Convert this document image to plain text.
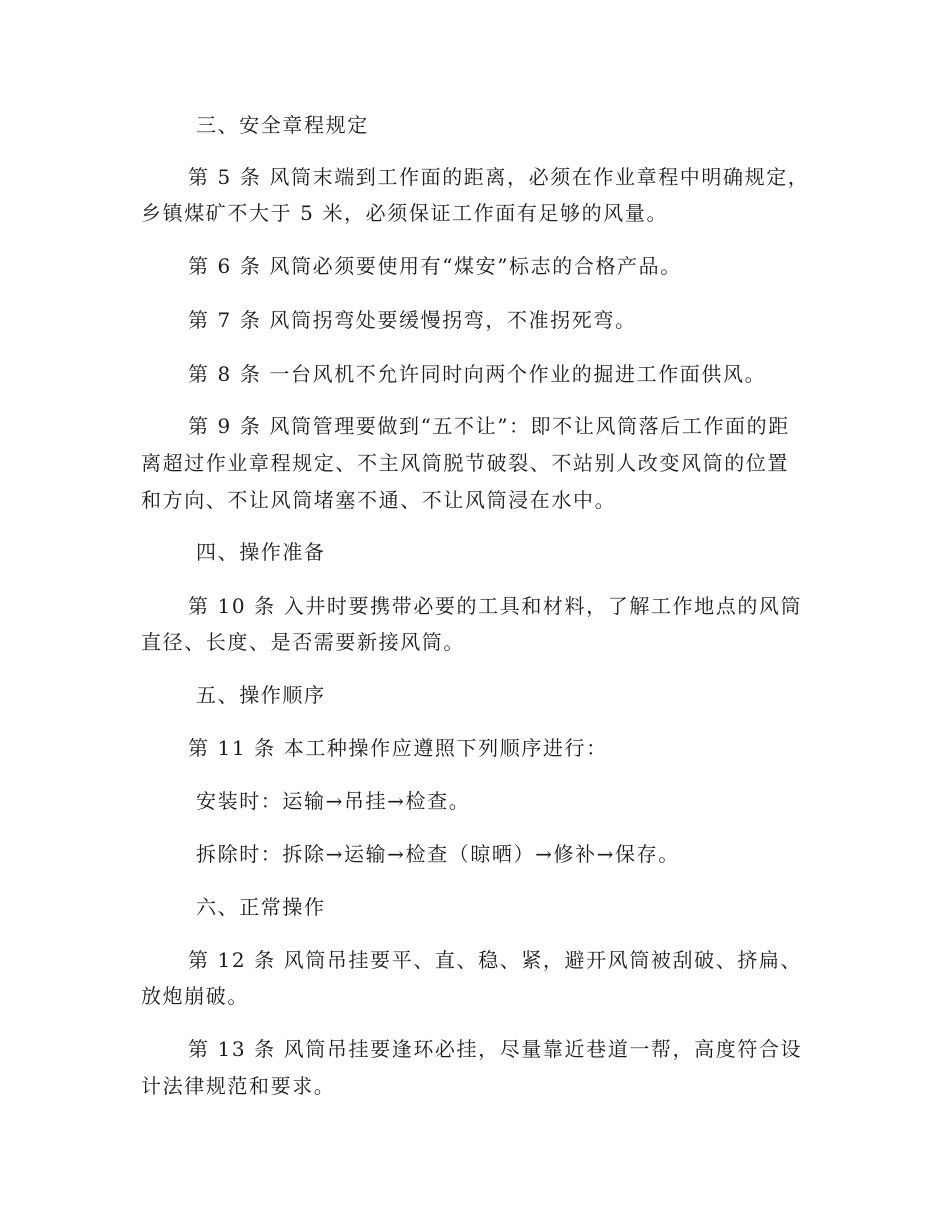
三、安全章程规定
第 5 条 风筒末端到工作面的距离，必须在作业章程中明确规定，
乡镇煤矿不大于 5 米，必须保证工作面有足够的风量。
第 6 条 风筒必须要使用有“煤安”标志的合格产品。
第 7 条 风筒拐弯处要缓慢拐弯，不准拐死弯。
第 8 条 一台风机不允许同时向两个作业的掘进工作面供风。
第 9 条 风筒管理要做到“五不让”：即不让风筒落后工作面的距
离超过作业章程规定、不主风筒脱节破裂、不站别人改变风筒的位置
和方向、不让风筒堵塞不通、不让风筒浸在水中。
四、操作准备
第 10 条 入井时要携带必要的工具和材料，了解工作地点的风筒
直径、长度、是否需要新接风筒。
五、操作顺序
第 11 条 本工种操作应遵照下列顺序进行：
安装时：运输→吊挂→检查。
拆除时：拆除→运输→检查（晾晒）→修补→保存。
六、正常操作
第 12 条 风筒吊挂要平、直、稳、紧，避开风筒被刮破、挤扁、
放炮崩破。
第 13 条 风筒吊挂要逢环必挂，尽量靠近巷道一帮，高度符合设
计法律规范和要求。
